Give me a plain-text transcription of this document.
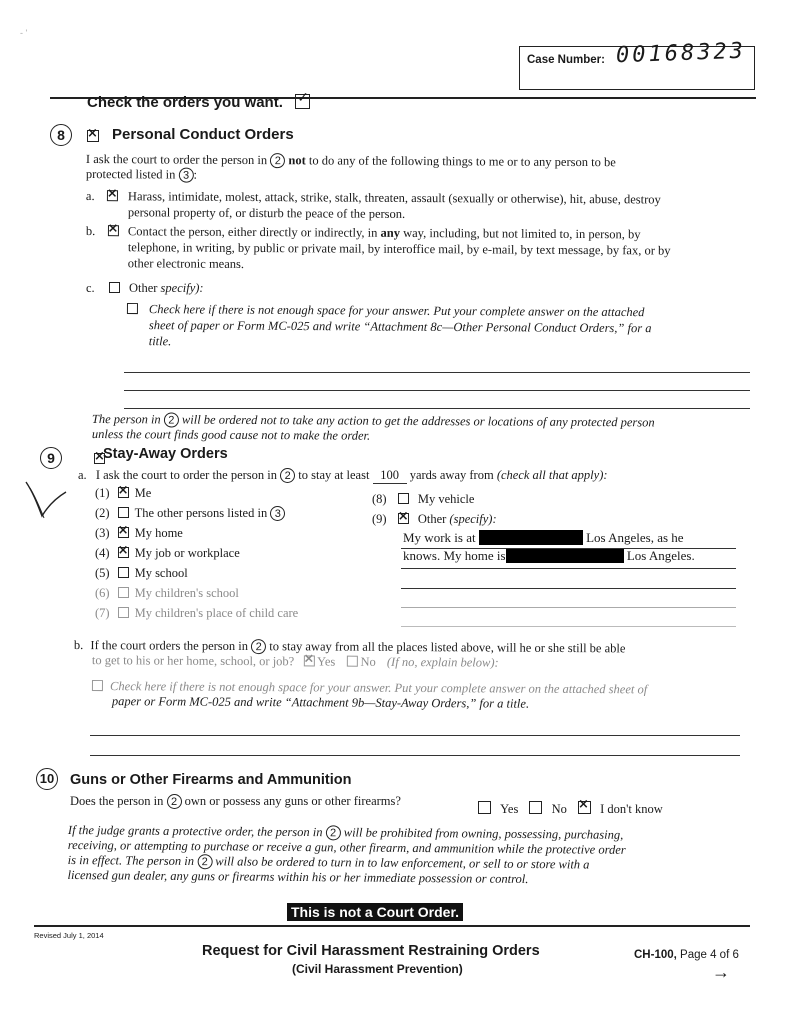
- '
Case Number: 00168323
Check the orders you want. ✓
8 ×	Personal Conduct Orders
I ask the court to order the person in 2 not to do any of the following things to me or to any person to be
protected listed in 3 :
a. ×	Harass, intimidate, molest, attack, strike, stalk, threaten, assault (sexually or otherwise), hit, abuse, destroy
personal property of, or disturb the peace of the person.
b. ×	Contact the person, either directly or indirectly, in any way, including, but not limited to, in person, by
telephone, in writing, by public or private mail, by interoffice mail, by e-mail, by text message, by fax, or by
other electronic means.
c.	Other specify):
Check here if there is not enough space for your answer. Put your complete answer on the attached
sheet of paper or Form MC-025 and write “Attachment 8c—Other Personal Conduct Orders,” for a
title.
The person in 2 will be ordered not to take any action to get the addresses or locations of any protected person
unless the court finds good cause not to make the order.
9 ×	Stay-Away Orders
a. I ask the court to order the person in 2 to stay at least 100 yards away from (check all that apply):
(1) × Me
(2) The other persons listed in 3
(3) × My home
(4) × My job or workplace
(5) My school
(6) My children's school
(7) My children's place of child care
(8)	My vehicle
(9) ×	Other (specify):
My work is at	Los Angeles, as he
knows. My home is	Los Angeles.
b. If the court orders the person in 2 to stay away from all the places listed above, will he or she still be able
to get to his or her home, school, or job? × Yes No (If no, explain below):
Check here if there is not enough space for your answer. Put your complete answer on the attached sheet of
paper or Form MC-025 and write “Attachment 9b—Stay-Away Orders,” for a title.
10 Guns or Other Firearms and Ammunition
Does the person in 2 own or possess any guns or other firearms?
Yes	No ×	I don't know
If the judge grants a protective order, the person in 2 will be prohibited from owning, possessing, purchasing,
receiving, or attempting to purchase or receive a gun, other firearm, and ammunition while the protective order
is in effect. The person in 2 will also be ordered to turn in to law enforcement, or sell to or store with a
licensed gun dealer, any guns or firearms within his or her immediate possession or control.
This is not a Court Order.
Revised July 1, 2014
Request for Civil Harassment Restraining Orders
(Civil Harassment Prevention)
CH-100, Page 4 of 6
→
